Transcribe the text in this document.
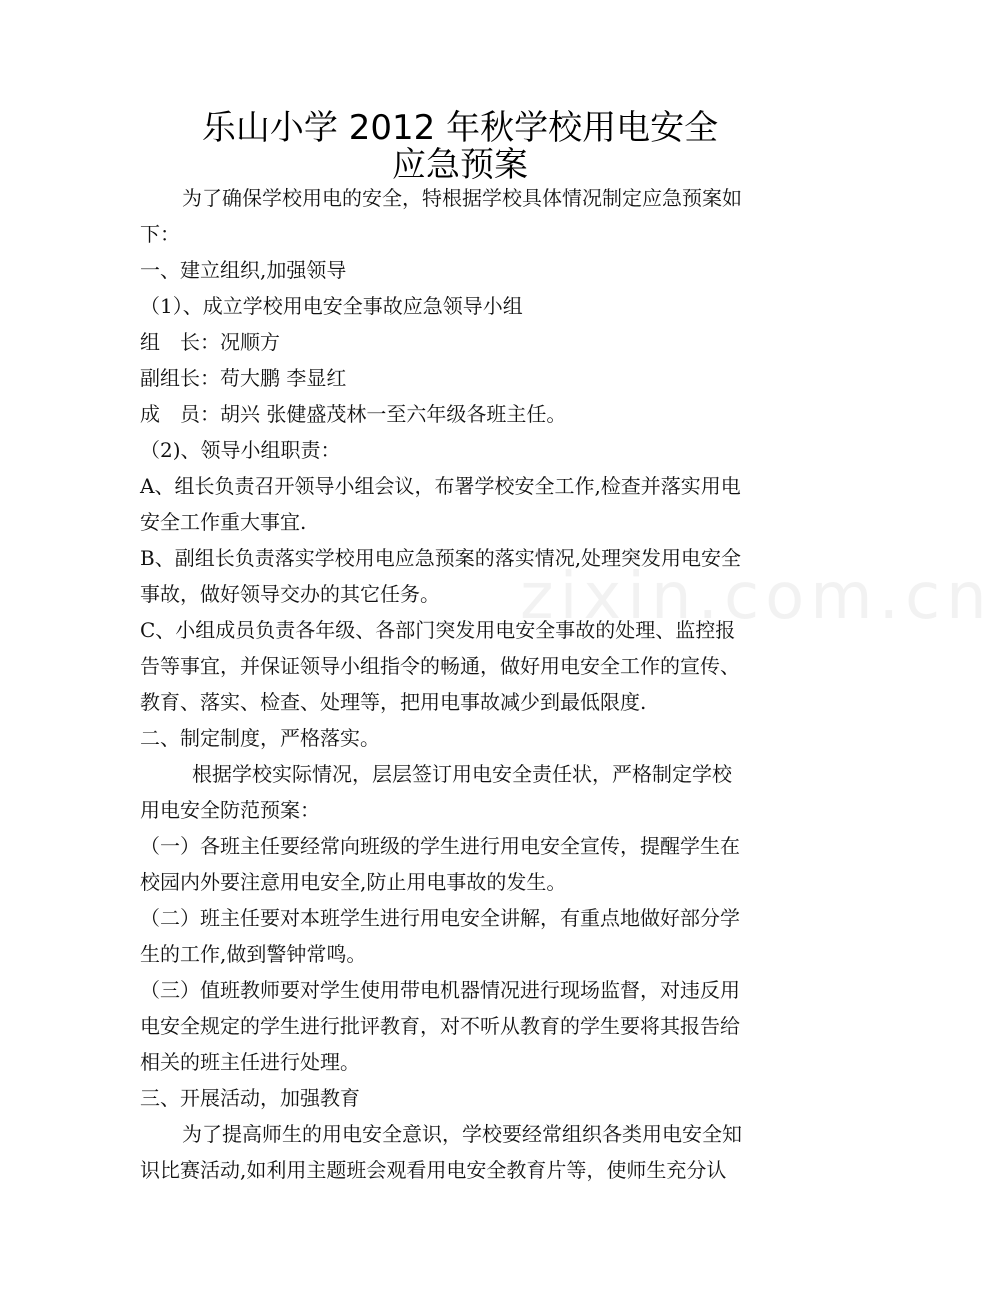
zixin.com.cn
乐山小学 2012 年秋学校用电安全
应急预案
为了确保学校用电的安全，特根据学校具体情况制定应急预案如
下：
一、建立组织,加强领导
（1）、成立学校用电安全事故应急领导小组
组　长：况顺方
副组长：苟大鹏 李显红
成　员：胡兴 张健盛茂林一至六年级各班主任。
（2)、领导小组职责：
A、组长负责召开领导小组会议，布署学校安全工作,检查并落实用电
安全工作重大事宜.
B、副组长负责落实学校用电应急预案的落实情况,处理突发用电安全
事故，做好领导交办的其它任务。
C、小组成员负责各年级、各部门突发用电安全事故的处理、监控报
告等事宜，并保证领导小组指令的畅通，做好用电安全工作的宣传、
教育、落实、检查、处理等，把用电事故减少到最低限度.
二、制定制度，严格落实。
根据学校实际情况，层层签订用电安全责任状，严格制定学校
用电安全防范预案：
（一）各班主任要经常向班级的学生进行用电安全宣传，提醒学生在
校园内外要注意用电安全,防止用电事故的发生。
（二）班主任要对本班学生进行用电安全讲解，有重点地做好部分学
生的工作,做到警钟常鸣。
（三）值班教师要对学生使用带电机器情况进行现场监督，对违反用
电安全规定的学生进行批评教育，对不听从教育的学生要将其报告给
相关的班主任进行处理。
三、开展活动，加强教育
为了提高师生的用电安全意识，学校要经常组织各类用电安全知
识比赛活动,如利用主题班会观看用电安全教育片等，使师生充分认
